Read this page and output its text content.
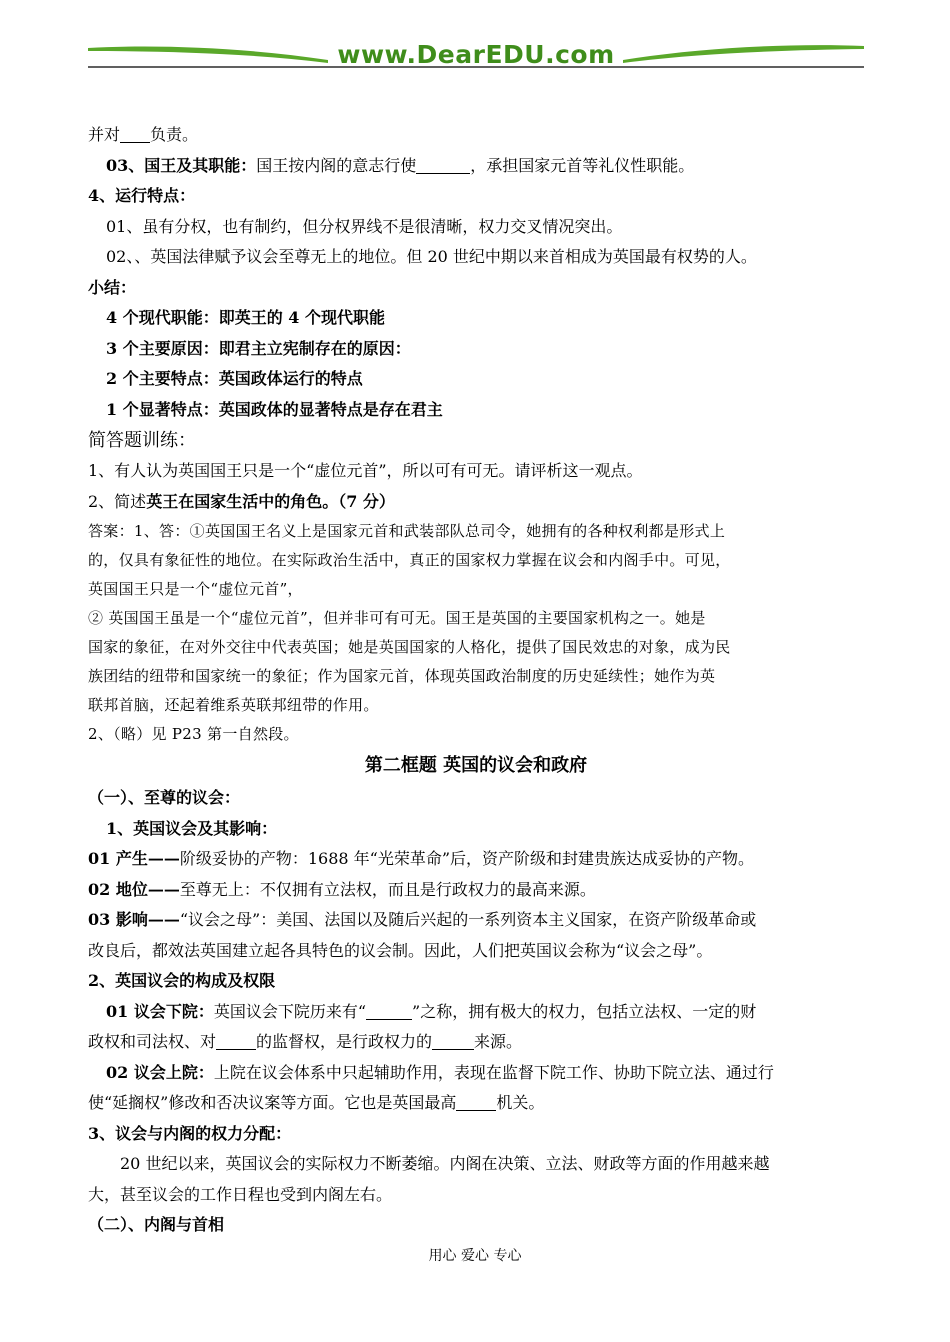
www.DearEDU.com
并对 负责。
03、国王及其职能：国王按内阁的意志行使	，承担国家元首等礼仪性职能。
4、运行特点：
01、虽有分权，也有制约，但分权界线不是很清晰，权力交叉情况突出。
02、、英国法律赋予议会至尊无上的地位。但 20 世纪中期以来首相成为英国最有权势的人。
小结：
4 个现代职能：即英王的 4 个现代职能
3 个主要原因：即君主立宪制存在的原因：
2 个主要特点：英国政体运行的特点
1 个显著特点：英国政体的显著特点是存在君主
简答题训练：
1、有人认为英国国王只是一个“虚位元首”，所以可有可无。请评析这一观点。
2、简述英王在国家生活中的角色。（7 分）
答案：1、答：①英国国王名义上是国家元首和武装部队总司令，她拥有的各种权利都是形式上
的，仅具有象征性的地位。在实际政治生活中，真正的国家权力掌握在议会和内阁手中。可见，
英国国王只是一个“虚位元首”，
② 英国国王虽是一个“虚位元首”，但并非可有可无。国王是英国的主要国家机构之一。她是
国家的象征，在对外交往中代表英国；她是英国国家的人格化，提供了国民效忠的对象，成为民
族团结的纽带和国家统一的象征；作为国家元首，体现英国政治制度的历史延续性；她作为英
联邦首脑，还起着维系英联邦纽带的作用。
2、（略）见 P23 第一自然段。
第二框题 英国的议会和政府
（一）、至尊的议会：
1、英国议会及其影响：
01 产生——阶级妥协的产物：1688 年“光荣革命”后，资产阶级和封建贵族达成妥协的产物。
02 地位——至尊无上：不仅拥有立法权，而且是行政权力的最高来源。
03 影响——“议会之母”：美国、法国以及随后兴起的一系列资本主义国家，在资产阶级革命或
改良后，都效法英国建立起各具特色的议会制。因此，人们把英国议会称为“议会之母”。
2、英国议会的构成及权限
01 议会下院：英国议会下院历来有“	”之称，拥有极大的权力，包括立法权、一定的财
政权和司法权、对	的监督权，是行政权力的	来源。
02 议会上院：上院在议会体系中只起辅助作用，表现在监督下院工作、协助下院立法、通过行
使“延搁权”修改和否决议案等方面。它也是英国最高	机关。
3、议会与内阁的权力分配：
20 世纪以来，英国议会的实际权力不断萎缩。内阁在决策、立法、财政等方面的作用越来越
大，甚至议会的工作日程也受到内阁左右。
（二）、内阁与首相
用心 爱心 专心
